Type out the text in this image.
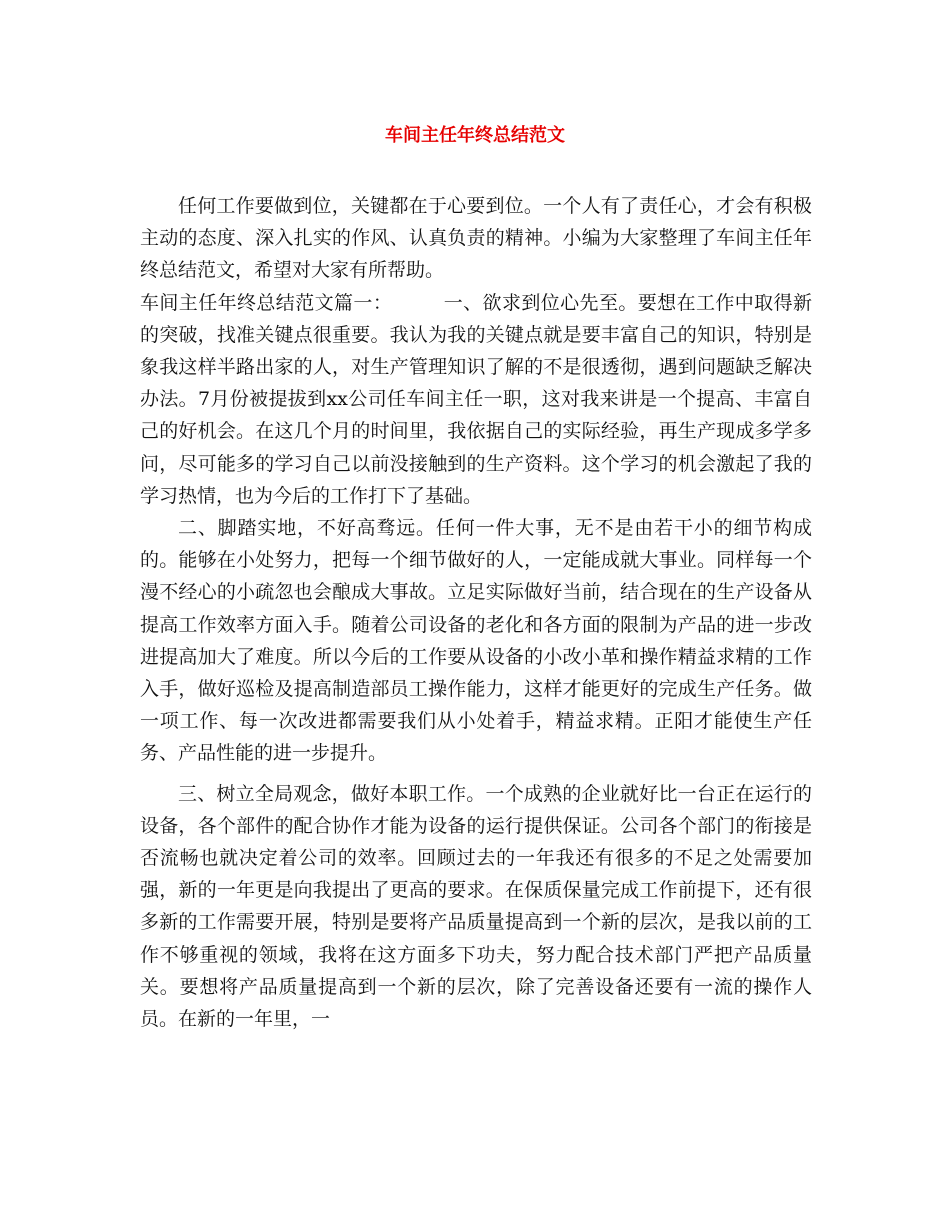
车间主任年终总结范文

任何工作要做到位，关键都在于心要到位。一个人有了责任心，才会有积极主动的态度、深入扎实的作风、认真负责的精神。小编为大家整理了车间主任年终总结范文，希望对大家有所帮助。

车间主任年终总结范文篇一：	一、欲求到位心先至。要想在工作中取得新的突破，找准关键点很重要。我认为我的关键点就是要丰富自己的知识，特别是象我这样半路出家的人，对生产管理知识了解的不是很透彻，遇到问题缺乏解决办法。7月份被提拔到xx公司任车间主任一职，这对我来讲是一个提高、丰富自己的好机会。在这几个月的时间里，我依据自己的实际经验，再生产现成多学多问，尽可能多的学习自己以前没接触到的生产资料。这个学习的机会激起了我的学习热情，也为今后的工作打下了基础。

二、脚踏实地，不好高骛远。任何一件大事，无不是由若干小的细节构成的。能够在小处努力，把每一个细节做好的人，一定能成就大事业。同样每一个漫不经心的小疏忽也会酿成大事故。立足实际做好当前，结合现在的生产设备从提高工作效率方面入手。随着公司设备的老化和各方面的限制为产品的进一步改进提高加大了难度。所以今后的工作要从设备的小改小革和操作精益求精的工作入手，做好巡检及提高制造部员工操作能力，这样才能更好的完成生产任务。做一项工作、每一次改进都需要我们从小处着手，精益求精。正阳才能使生产任务、产品性能的进一步提升。

三、树立全局观念，做好本职工作。一个成熟的企业就好比一台正在运行的设备，各个部件的配合协作才能为设备的运行提供保证。公司各个部门的衔接是否流畅也就决定着公司的效率。回顾过去的一年我还有很多的不足之处需要加强，新的一年更是向我提出了更高的要求。在保质保量完成工作前提下，还有很多新的工作需要开展，特别是要将产品质量提高到一个新的层次，是我以前的工作不够重视的领域，我将在这方面多下功夫，努力配合技术部门严把产品质量关。要想将产品质量提高到一个新的层次，除了完善设备还要有一流的操作人员。在新的一年里，一
